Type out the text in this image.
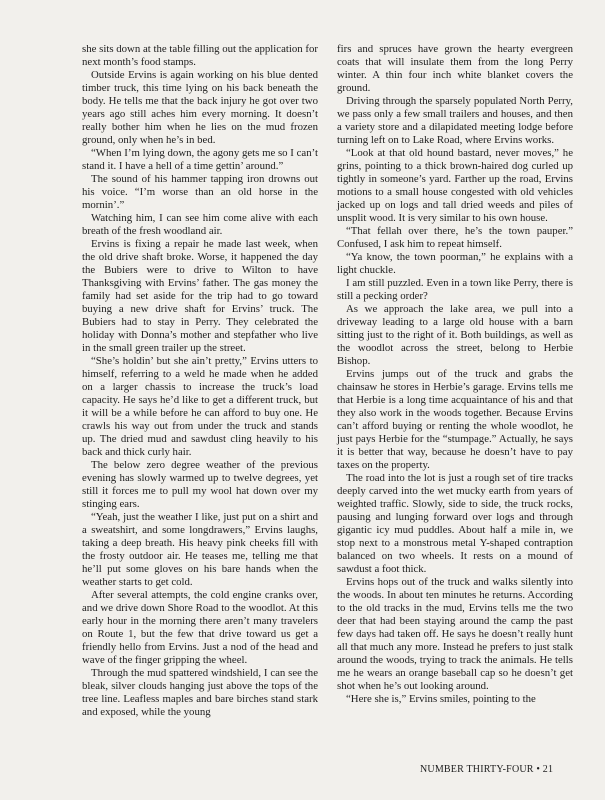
she sits down at the table filling out the application for next month’s food stamps.

Outside Ervins is again working on his blue dented timber truck, this time lying on his back beneath the body. He tells me that the back injury he got over two years ago still aches him every morning. It doesn’t really bother him when he lies on the mud frozen ground, only when he’s in bed.

“When I’m lying down, the agony gets me so I can’t stand it. I have a hell of a time gettin’ around.”

The sound of his hammer tapping iron drowns out his voice. “I’m worse than an old horse in the mornin’.”

Watching him, I can see him come alive with each breath of the fresh woodland air.

Ervins is fixing a repair he made last week, when the old drive shaft broke. Worse, it happened the day the Bubiers were to drive to Wilton to have Thanksgiving with Ervins’ father. The gas money the family had set aside for the trip had to go toward buying a new drive shaft for Ervins’ truck. The Bubiers had to stay in Perry. They celebrated the holiday with Donna’s mother and stepfather who live in the small green trailer up the street.

“She’s holdin’ but she ain’t pretty,” Ervins utters to himself, referring to a weld he made when he added on a larger chassis to increase the truck’s load capacity. He says he’d like to get a different truck, but it will be a while before he can afford to buy one. He crawls his way out from under the truck and stands up. The dried mud and sawdust cling heavily to his back and thick curly hair.

The below zero degree weather of the previous evening has slowly warmed up to twelve degrees, yet still it forces me to pull my wool hat down over my stinging ears.

“Yeah, just the weather I like, just put on a shirt and a sweatshirt, and some longdrawers,” Ervins laughs, taking a deep breath. His heavy pink cheeks fill with the frosty outdoor air. He teases me, telling me that he’ll put some gloves on his bare hands when the weather starts to get cold.

After several attempts, the cold engine cranks over, and we drive down Shore Road to the woodlot. At this early hour in the morning there aren’t many travelers on Route 1, but the few that drive toward us get a friendly hello from Ervins. Just a nod of the head and wave of the finger gripping the wheel.

Through the mud spattered windshield, I can see the bleak, silver clouds hanging just above the tops of the tree line. Leafless maples and bare birches stand stark and exposed, while the young

firs and spruces have grown the hearty evergreen coats that will insulate them from the long Perry winter. A thin four inch white blanket covers the ground.

Driving through the sparsely populated North Perry, we pass only a few small trailers and houses, and then a variety store and a dilapidated meeting lodge before turning left on to Lake Road, where Ervins works.

“Look at that old hound bastard, never moves,” he grins, pointing to a thick brown-haired dog curled up tightly in someone’s yard. Farther up the road, Ervins motions to a small house congested with old vehicles jacked up on logs and tall dried weeds and piles of unsplit wood. It is very similar to his own house.

“That fellah over there, he’s the town pauper.” Confused, I ask him to repeat himself.

“Ya know, the town poorman,” he explains with a light chuckle.

I am still puzzled. Even in a town like Perry, there is still a pecking order?

As we approach the lake area, we pull into a driveway leading to a large old house with a barn sitting just to the right of it. Both buildings, as well as the woodlot across the street, belong to Herbie Bishop.

Ervins jumps out of the truck and grabs the chainsaw he stores in Herbie’s garage. Ervins tells me that Herbie is a long time acquaintance of his and that they also work in the woods together. Because Ervins can’t afford buying or renting the whole woodlot, he just pays Herbie for the “stumpage.” Actually, he says it is better that way, because he doesn’t have to pay taxes on the property.

The road into the lot is just a rough set of tire tracks deeply carved into the wet mucky earth from years of weighted traffic. Slowly, side to side, the truck rocks, pausing and lunging forward over logs and through gigantic icy mud puddles. About half a mile in, we stop next to a monstrous metal Y-shaped contraption balanced on two wheels. It rests on a mound of sawdust a foot thick.

Ervins hops out of the truck and walks silently into the woods. In about ten minutes he returns. According to the old tracks in the mud, Ervins tells me the two deer that had been staying around the camp the past few days had taken off. He says he doesn’t really hunt all that much any more. Instead he prefers to just stalk around the woods, trying to track the animals. He tells me he wears an orange baseball cap so he doesn’t get shot when he’s out looking around.

“Here she is,” Ervins smiles, pointing to the

NUMBER THIRTY-FOUR • 21
